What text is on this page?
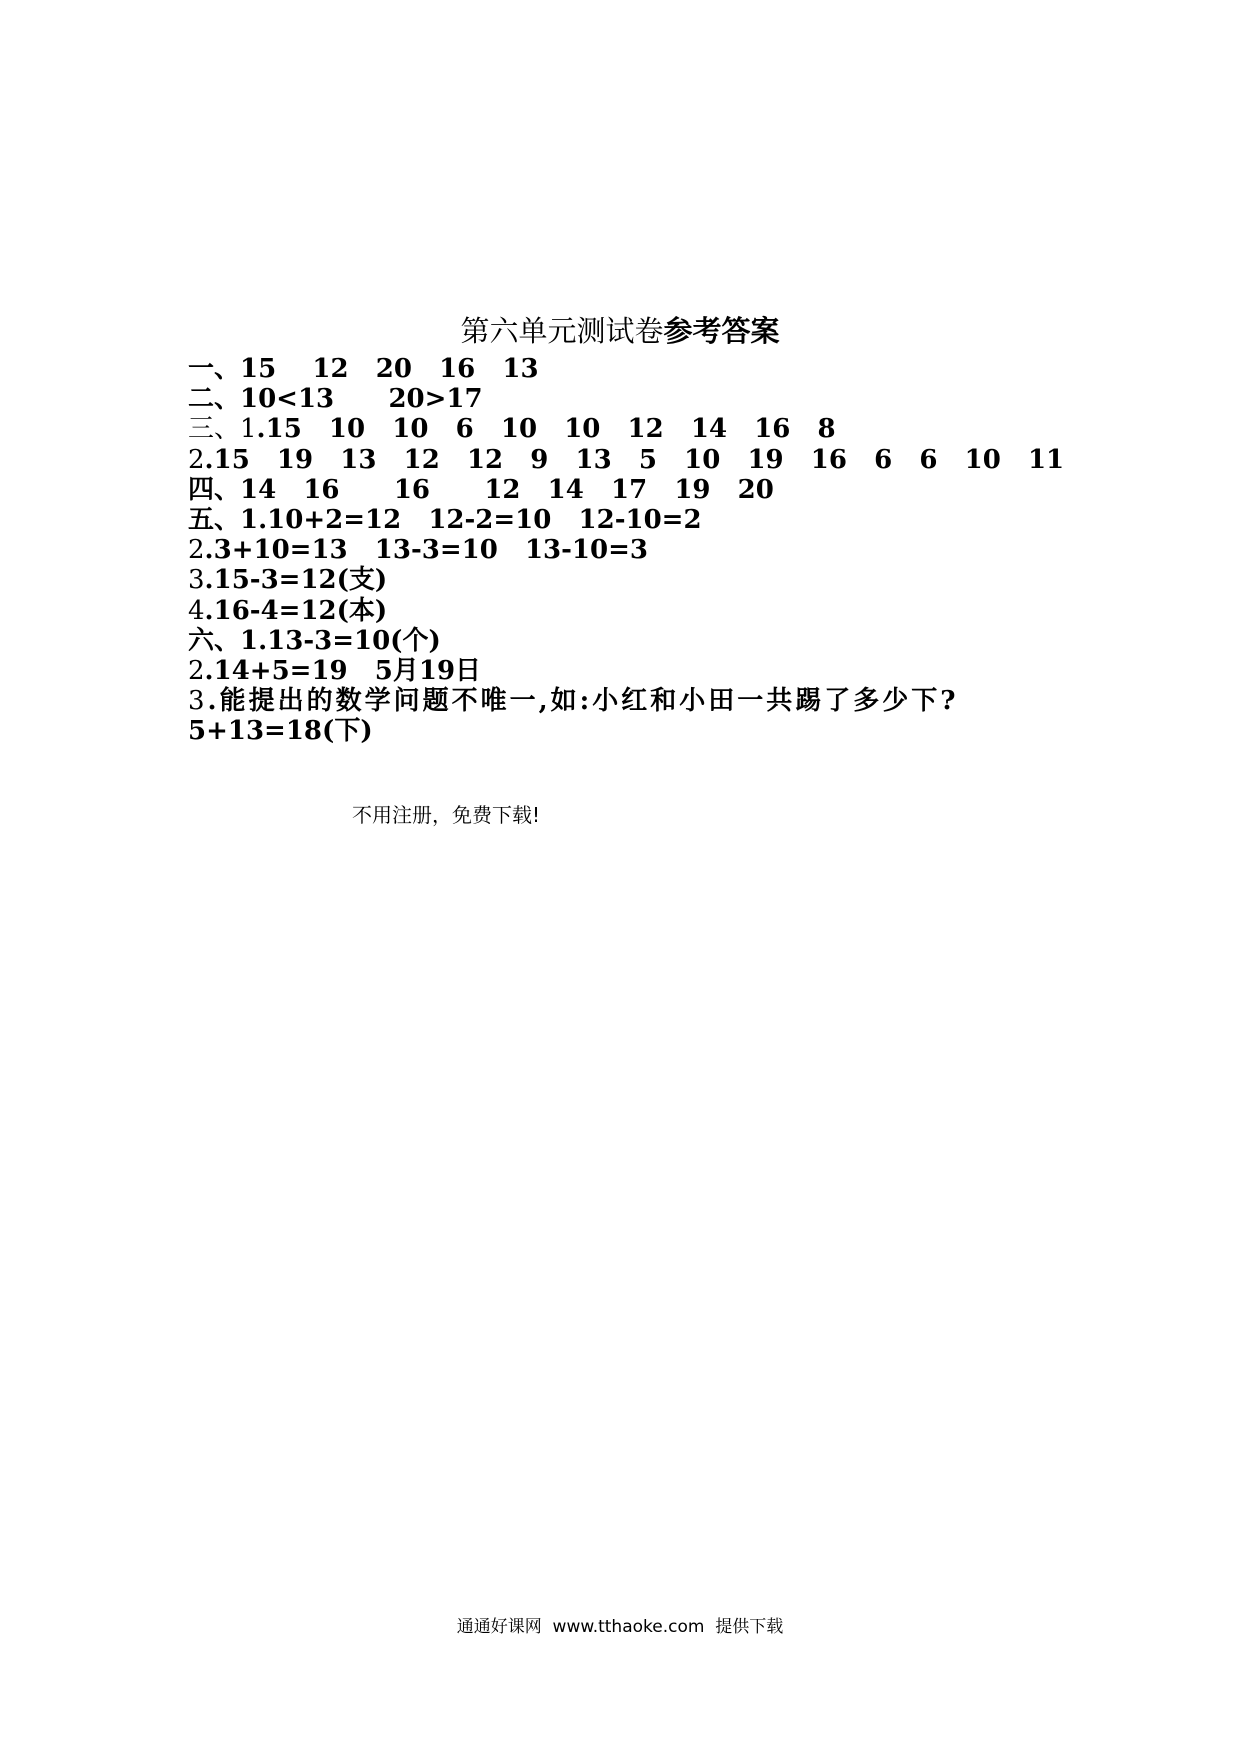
第六单元测试卷参考答案
一、15    12   20   16   13
二、10<13      20>17
三、1.15   10   10   6   10   10   12   14   16   8
2.15   19   13   12   12   9   13   5   10   19   16   6   6   10   11
四、14   16      16      12   14   17   19   20
五、1.10+2=12   12-2=10   12-10=2
2.3+10=13   13-3=10   13-10=3
3.15-3=12(支)
4.16-4=12(本)
六、1.13-3=10(个)
2.14+5=19   5月19日
3.能提出的数学问题不唯一,如:小红和小田一共踢了多少下?
5+13=18(下)
不用注册，免费下载!
通通好课网  www.tthaoke.com  提供下载
